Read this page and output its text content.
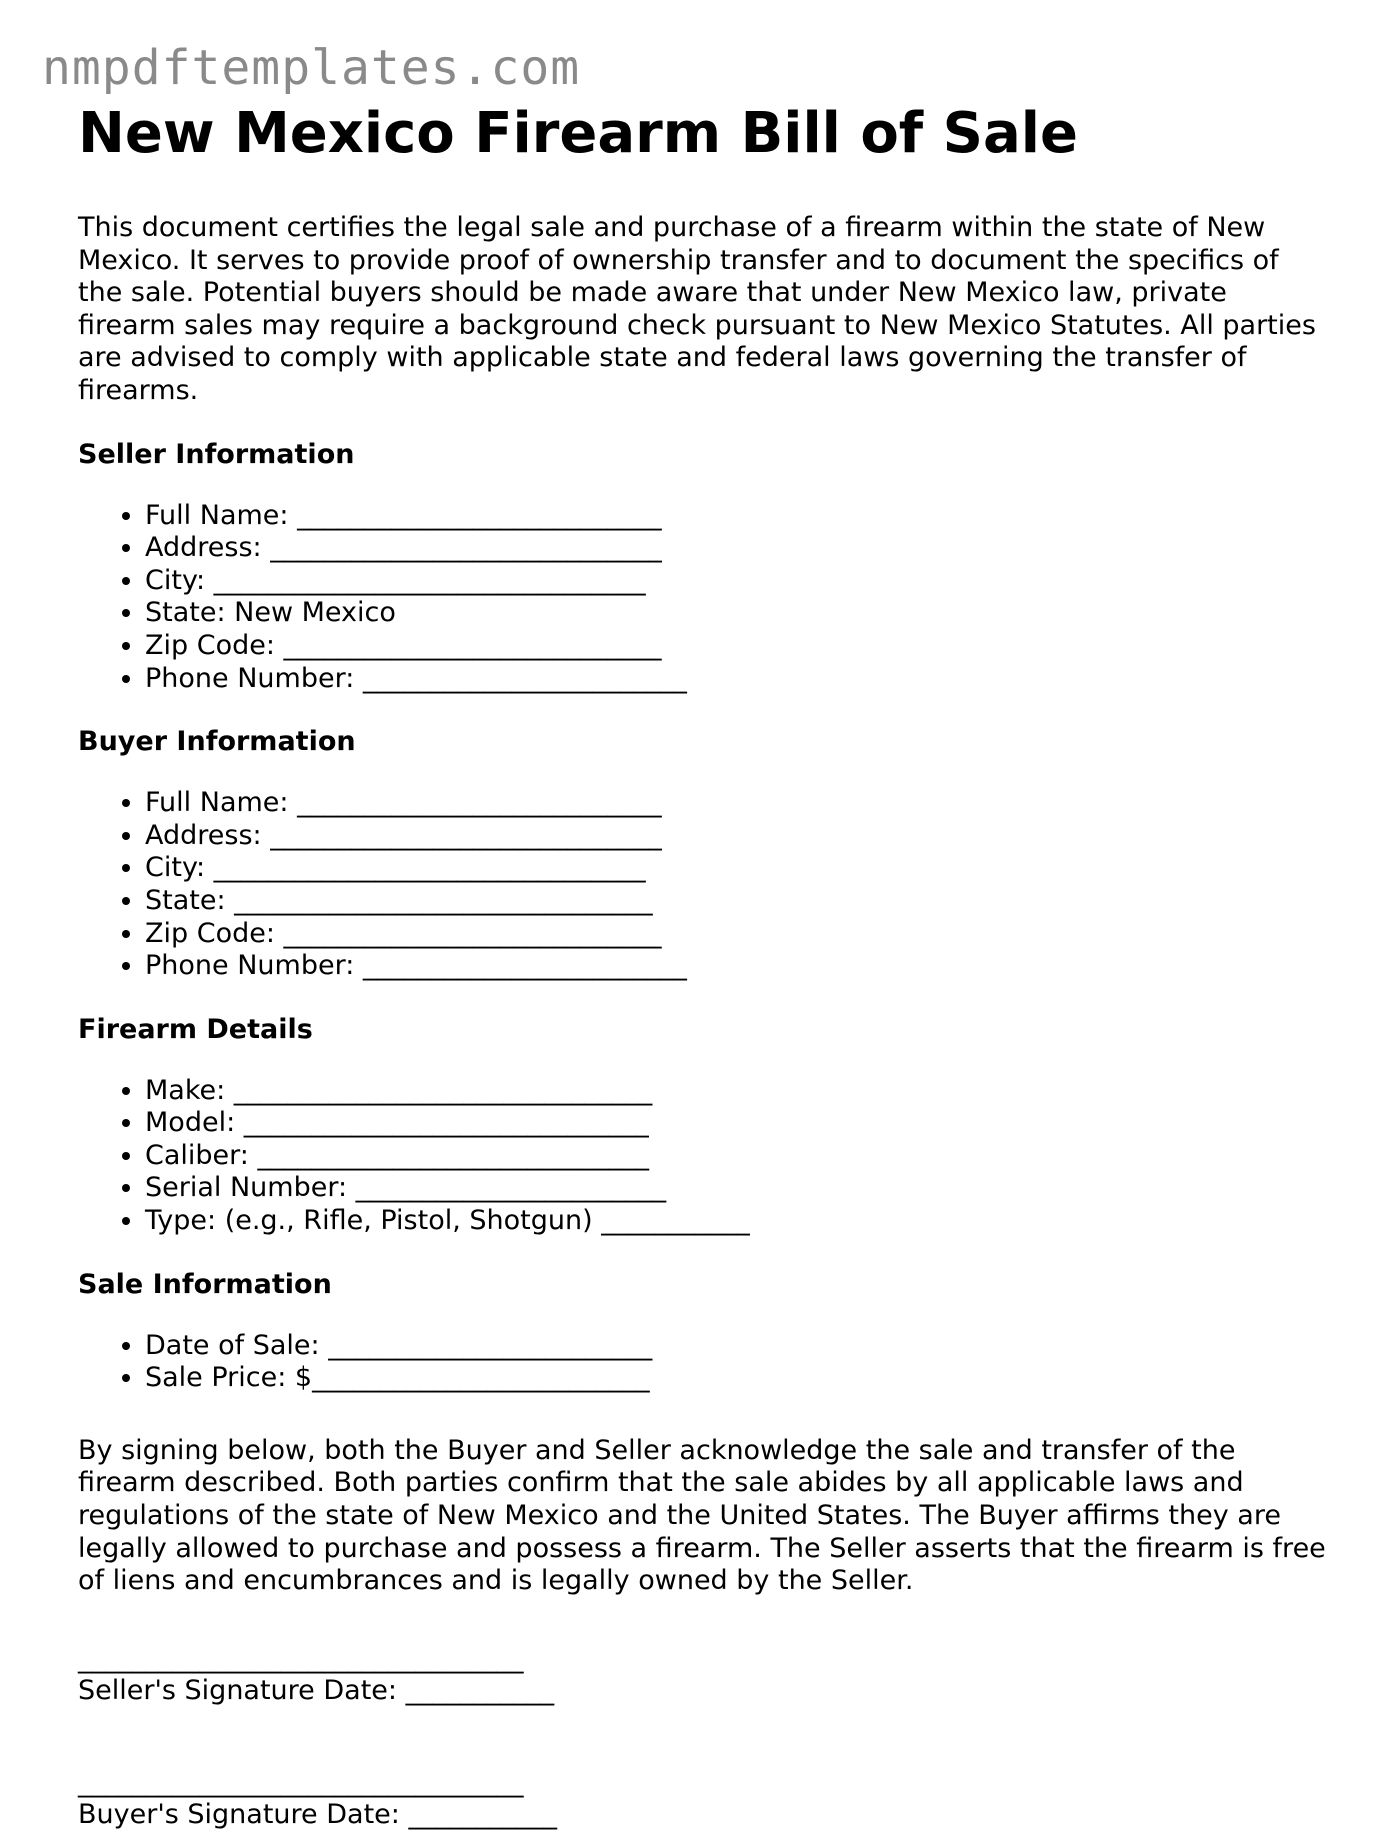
nmpdftemplates.com
New Mexico Firearm Bill of Sale

This document certifies the legal sale and purchase of a firearm within the state of New Mexico. It serves to provide proof of ownership transfer and to document the specifics of the sale. Potential buyers should be made aware that under New Mexico law, private firearm sales may require a background check pursuant to New Mexico Statutes. All parties are advised to comply with applicable state and federal laws governing the transfer of firearms.

Seller Information
• Full Name: ___________________________
• Address: _____________________________
• City: ________________________________
• State: New Mexico
• Zip Code: ____________________________
• Phone Number: ________________________
Buyer Information
• Full Name: ___________________________
• Address: _____________________________
• City: ________________________________
• State: _______________________________
• Zip Code: ____________________________
• Phone Number: ________________________
Firearm Details
• Make: _______________________________
• Model: ______________________________
• Caliber: _____________________________
• Serial Number: _______________________
• Type: (e.g., Rifle, Pistol, Shotgun) ___________
Sale Information
• Date of Sale: ________________________
• Sale Price: $_________________________

By signing below, both the Buyer and Seller acknowledge the sale and transfer of the firearm described. Both parties confirm that the sale abides by all applicable laws and regulations of the state of New Mexico and the United States. The Buyer affirms they are legally allowed to purchase and possess a firearm. The Seller asserts that the firearm is free of liens and encumbrances and is legally owned by the Seller.

_________________________________
Seller's Signature Date: ___________
_________________________________
Buyer's Signature Date: ___________
